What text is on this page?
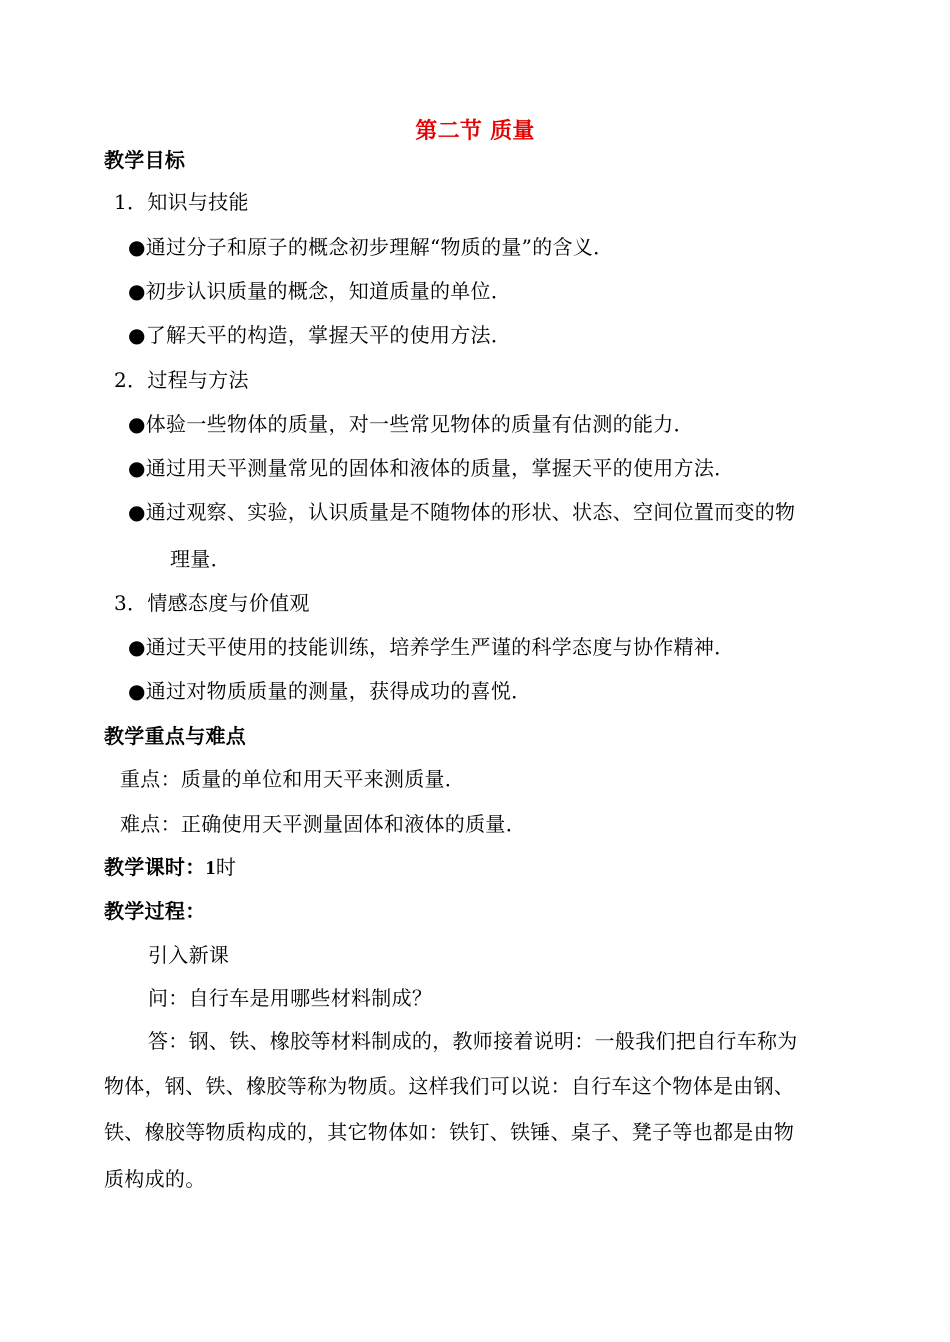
第二节 质量
教学目标
1．知识与技能
●通过分子和原子的概念初步理解“物质的量”的含义．
●初步认识质量的概念，知道质量的单位．
●了解天平的构造，掌握天平的使用方法．
2．过程与方法
●体验一些物体的质量，对一些常见物体的质量有估测的能力．
●通过用天平测量常见的固体和液体的质量，掌握天平的使用方法．
●通过观察、实验，认识质量是不随物体的形状、状态、空间位置而变的物
理量．
3．情感态度与价值观
●通过天平使用的技能训练，培养学生严谨的科学态度与协作精神．
●通过对物质质量的测量，获得成功的喜悦．
教学重点与难点
重点：质量的单位和用天平来测质量．
难点：正确使用天平测量固体和液体的质量．
教学课时：1时
教学过程：
引入新课
问：自行车是用哪些材料制成？
答：钢、铁、橡胶等材料制成的，教师接着说明：一般我们把自行车称为
物体，钢、铁、橡胶等称为物质。这样我们可以说：自行车这个物体是由钢、
铁、橡胶等物质构成的，其它物体如：铁钉、铁锤、桌子、凳子等也都是由物
质构成的。
